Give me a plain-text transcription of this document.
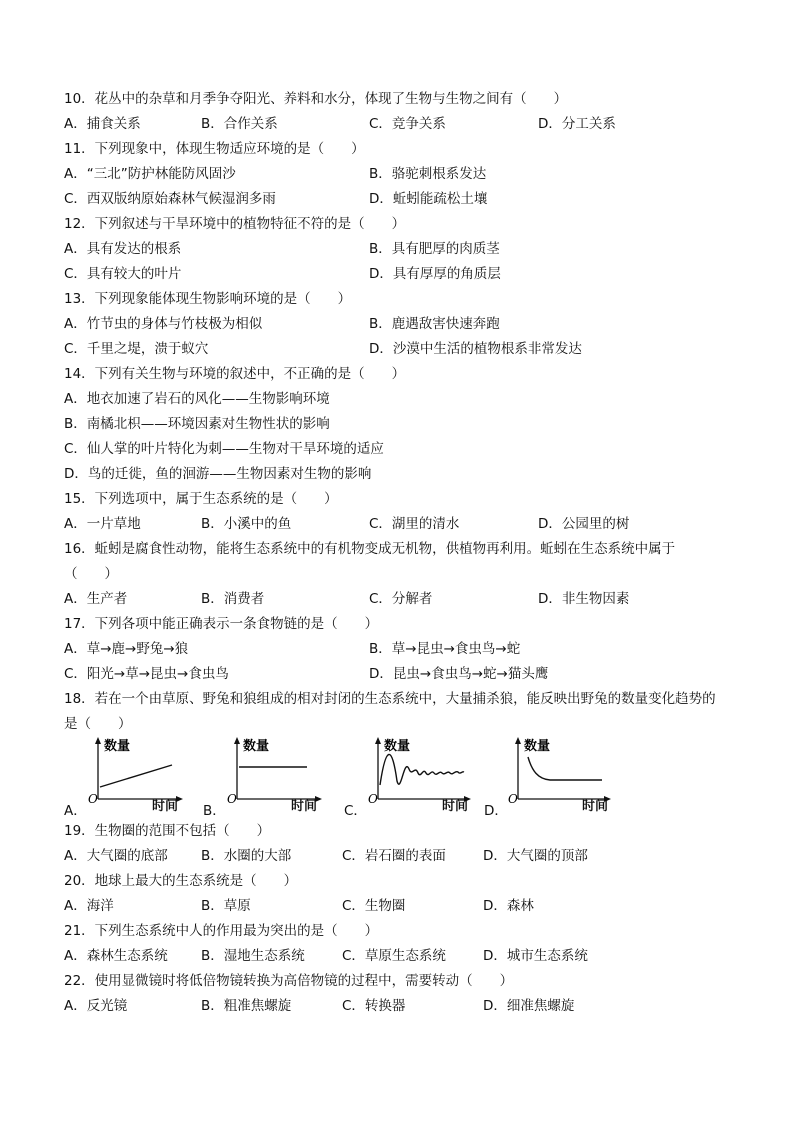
10．花丛中的杂草和月季争夺阳光、养料和水分，体现了生物与生物之间有（　　）
A．捕食关系	B．合作关系	C．竞争关系	D．分工关系
11．下列现象中，体现生物适应环境的是（　　）
A．“三北”防护林能防风固沙	B．骆驼刺根系发达
C．西双版纳原始森林气候湿润多雨	D．蚯蚓能疏松土壤
12．下列叙述与干旱环境中的植物特征不符的是（　　）
A．具有发达的根系	B．具有肥厚的肉质茎
C．具有较大的叶片	D．具有厚厚的角质层
13．下列现象能体现生物影响环境的是（　　）
A．竹节虫的身体与竹枝极为相似	B．鹿遇敌害快速奔跑
C．千里之堤，溃于蚁穴	D．沙漠中生活的植物根系非常发达
14．下列有关生物与环境的叙述中，不正确的是（　　）
A．地衣加速了岩石的风化——生物影响环境
B．南橘北枳——环境因素对生物性状的影响
C．仙人掌的叶片特化为刺——生物对干旱环境的适应
D．鸟的迁徙，鱼的洄游——生物因素对生物的影响
15．下列选项中，属于生态系统的是（　　）
A．一片草地	B．小溪中的鱼	C．湖里的清水	D．公园里的树
16．蚯蚓是腐食性动物，能将生态系统中的有机物变成无机物，供植物再利用。蚯蚓在生态系统中属于
（　　）
A．生产者	B．消费者	C．分解者	D．非生物因素
17．下列各项中能正确表示一条食物链的是（　　）
A．草→鹿→野兔→狼	B．草→昆虫→食虫鸟→蛇
C．阳光→草→昆虫→食虫鸟	D．昆虫→食虫鸟→蛇→猫头鹰
18．若在一个由草原、野兔和狼组成的相对封闭的生态系统中，大量捕杀狼，能反映出野兔的数量变化趋势的
是（　　）
A．
数量
O	时间 B．
数量
O	时间 C．
数量
O	时间 D．
数量
O	时间
19．生物圈的范围不包括（　　）
A．大气圈的底部 B．水圈的大部	C．岩石圈的表面	D．大气圈的顶部
20．地球上最大的生态系统是（　　）
A．海洋	B．草原	C．生物圈	D．森林
21．下列生态系统中人的作用最为突出的是（　　）
A．森林生态系统 B．湿地生态系统	C．草原生态系统	D．城市生态系统
22．使用显微镜时将低倍物镜转换为高倍物镜的过程中，需要转动（　　）
A．反光镜	B．粗准焦螺旋	C．转换器	D．细准焦螺旋
